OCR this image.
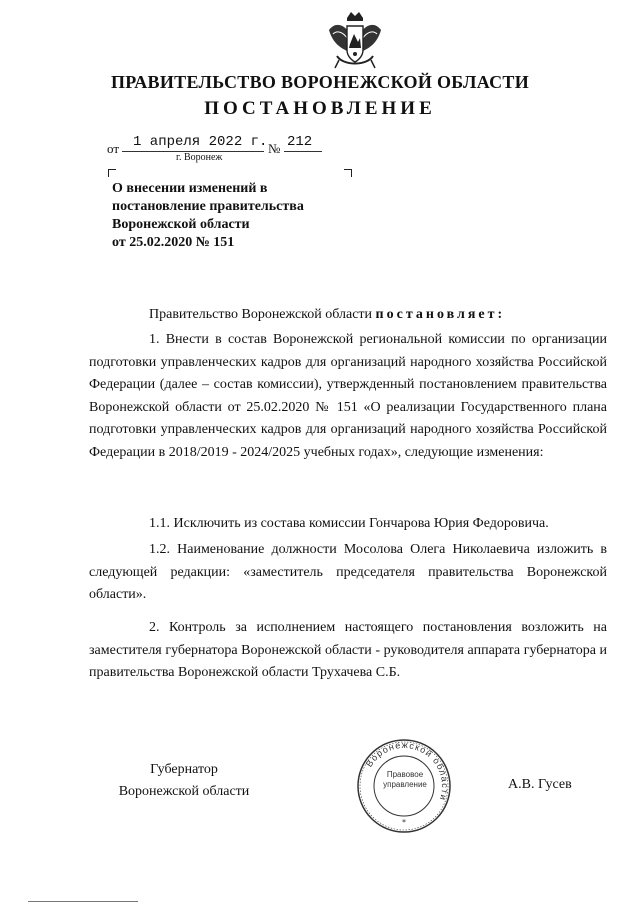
ПРАВИТЕЛЬСТВО ВОРОНЕЖСКОЙ ОБЛАСТИ
ПОСТАНОВЛЕНИЕ
от 1 апреля 2022 г. № 212
г. Воронеж
О внесении изменений в
постановление правительства
Воронежской области
от 25.02.2020 № 151
Правительство Воронежской области постановляет:
1. Внести в состав Воронежской региональной комиссии по организации подготовки управленческих кадров для организаций народного хозяйства Российской Федерации (далее – состав комиссии), утвержденный постановлением правительства Воронежской области от 25.02.2020 № 151 «О реализации Государственного плана подготовки управленческих кадров для организаций народного хозяйства Российской Федерации в 2018/2019 - 2024/2025 учебных годах», следующие изменения:
1.1. Исключить из состава комиссии Гончарова Юрия Федоровича.
1.2. Наименование должности Мосолова Олега Николаевича изложить в следующей редакции: «заместитель председателя правительства Воронежской области».
2. Контроль за исполнением настоящего постановления возложить на заместителя губернатора Воронежской области - руководителя аппарата губернатора и правительства Воронежской области Трухачева С.Б.
Губернатор
Воронежской области	А.В. Гусев
Воронежской области
*
Правовое
управление
